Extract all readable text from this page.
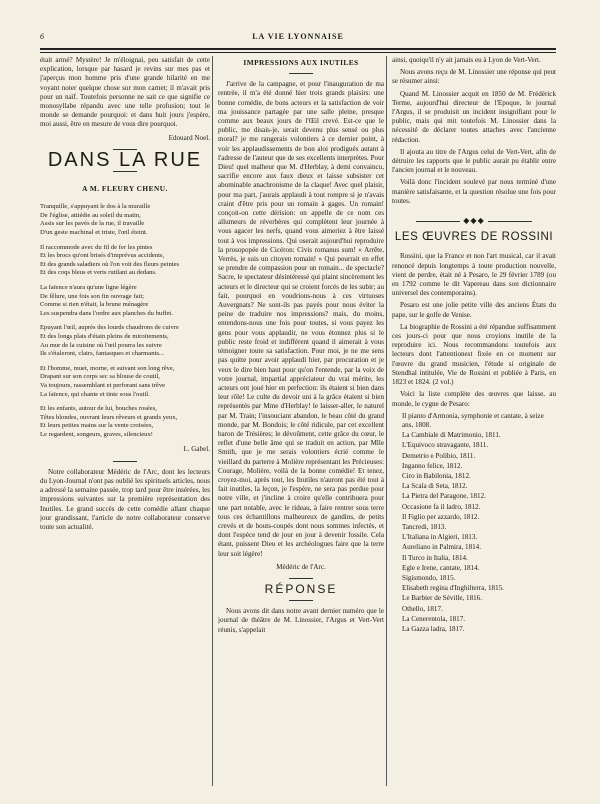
6	LA VIE LYONNAISE

était armé? Mystère! Je m'éloignai, peu satisfait de cette explication, lorsque par hasard je revins sur mes pas et j'aperçus mon homme pris d'une grande hilarité en me voyant noter quelque chose sur mon carnet; il m'avait pris pour un naïf. Toutefois personne ne sait ce que signifie ce monosyllabe répandu avec une telle profusion; tout le monde se demande pourquoi: et dans huit jours j'espère, moi aussi, être en mesure de vous dire pourquoi.

Edouard Noel.

DANS LA RUE
A M. FLEURY CHENU.
Tranquille, s'appuyant le dos à la muraille
De l'église, attiédie au soleil du matin,
Assis sur les pavés de la rue, il travaille
D'un geste machinal et triste, l'œil éteint.
Il raccommode avec du fil de fer les pintes
Et les brocs qu'ont brisés d'imprévus accidents,
Et des grands saladiers où l'on voit des fleurs peintes
Et des coqs bleus et verts rutilant au dedans.
La faïence n'aura qu'une ligne légère
De fêlure, une fois son fin ouvrage fait;
Comme si rien n'était, la brune ménagère
Les suspendra dans l'ordre aux planches du buffet.
Epuyant l'œil, auprès des lourds chaudrons de cuivre
Et des longs plats d'étain pleins de miroitements,
Au mur de la cuisine où l'œil pourra les suivre
Ils s'étaleront, clairs, fantasques et charmants...
Et l'homme, muet, morne, et suivant son long rêve,
Drapant sur son corps sec sa blouse de coutil,
Va toujours, rassemblant et perforant sans trêve
La faïence, qui chante et tinte sous l'outil.
Et les enfants, autour de lui, bouches rosées,
Têtes blondes, ouvrant leurs rêveurs et grands yeux,
Et leurs petites mains sur la vente croisées,
Le regardent, songeurs, graves, silencieux!

L. Gabel.

Notre collaborateur Médéric de l'Arc, dont les lecteurs du Lyon-Journal n'ont pas oublié les spirituels articles, nous a adressé la semaine passée, trop tard pour être insérées, les impressions suivantes sur la première représentation des Inutiles. Le grand succès de cette comédie allant chaque jour grandissant, l'article de notre collaborateur conserve toute son actualité.

IMPRESSIONS AUX INUTILES

J'arrive de la campagne, et pour l'inauguration de ma rentrée, il m'a été donné hier trois grands plaisirs: une bonne comédie, de bons acteurs et la satisfaction de voir ma jouissance partagée par une salle pleine, presque comme aux beaux jours de l'Œil crevé. Est-ce que le public, me disais-je, serait devenu plus sensé ou plus moral? je me rangerais volontiers à ce dernier point, à voir les applaudissements de bon aloi prodigués autant à l'adresse de l'auteur que de ses excellents interprètes. Pour Dieu! quel malheur que M. d'Herblay, à demi convaincu, sacrifie encore aux faux dieux et laisse subsister cet abominable anachronisme de la claque! Avec quel plaisir, pour ma part, j'aurais applaudi à tout rompre si je n'avais craint d'être pris pour un romain à gages. Un romain! conçoit-on cette dérision: on appelle de ce nom ces allumeurs de réverbères qui complètent leur journée à vous agacer les nerfs, quand vous aimeriez à être laissé tout à vos impressions. Qui oserait aujourd'hui reproduire la prosopopée de Cicéron: Civis romanus sum! « Arrête, Verrès, je suis un citoyen romain! » Qui pourrait en effet se prendre de compassion pour un romain... de spectacle? Sacre, le spectateur désintéressé qui plaint sincèrement les acteurs et le directeur qui se croient forcés de les subir; au fait, pourquoi en voudrions-nous à ces virtuoses Auvergnats? Ne sont-ils pas payés pour nous éviter la peine de traduire nos impressions? mais, du moins, entendons-nous une fois pour toutes, si vous payez les gens pour vous applaudir, ne vous étonnez plus si le public reste froid et indifférent quand il aimerait à vous témoigner toute sa satisfaction. Pour moi, je ne me sens pas quitte pour avoir applaudi hier, par procuration et je veux le dire bien haut pour qu'on l'entende, par la voix de votre journal, impartial appréciateur du vrai mérite, les acteurs ont joué hier en perfection: ils étaient si bien dans leur rôle! Le culte du devoir uni à la grâce étaient si bien représentés par Mme d'Herblay! le laisser-aller, le naturel par M. Train; l'insouciant abandon, le beau côté du grand monde, par M. Bondois; le côté ridicule, par cet excellent baron de Trésières; le dévoûment, cette grâce du cœur, le reflet d'une belle âme qui se traduit en action, par Mlle Smith, que je me serais volontiers écrié comme le vieillard du parterre à Molière représentant les Précieuses: Courage, Molière, voilà de la bonne comédie! Et tenez, croyez-moi, après tout, les Inutiles n'auront pas été tout à fait inutiles, la leçon, je l'espère, ne sera pas perdue pour notre ville, et j'incline à croire qu'elle contribuera pour une part notable, avec le rideau, à faire rentrer sous terre tous ces échantillons malheureux de gandins, de petits crevés et de bouts-coupés dont nous sommes infectés, et dont l'espèce tend de jour en jour à devenir fossile. Cela étant, puissent Dieu et les archéologues faire que la terre leur soit légère!

Médéric de l'Arc.

RÉPONSE

Nous avons dit dans notre avant dernier numéro que le journal de théâtre de M. Linossier, l'Argus et Vert-Vert réunis, s'appelait

ainsi, quoiqu'il n'y ait jamais eu à Lyon de Vert-Vert.

Nous avons reçu de M. Linossier une réponse qui peut se résumer ainsi:

Quand M. Linossier acquit en 1850 de M. Frédérick Terme, aujourd'hui directeur de l'Epoque, le journal l'Argus, il se produisit un incident insignifiant pour le public, mais qui mit toutefois M. Linossier dans la nécessité de déclarer toutes attaches avec l'ancienne rédaction.

Il ajouta au titre de l'Argus celui de Vert-Vert, afin de détruire les rapports que le public aurait pu établir entre l'ancien journal et le nouveau.

Voilà donc l'incident soulevé par nous terminé d'une manière satisfaisante, et la question résolue une fois pour toutes.

◆◆◆
LES ŒUVRES DE ROSSINI

Rossini, que la France et non l'art musical, car il avait renoncé depuis longtemps à toute production nouvelle, vient de perdre, était né à Pesaro, le 29 février 1789 (ou en 1792 comme le dit Vapereau dans son dictionnaire universel des contemporains).

Pesaro est une jolie petite ville des anciens États du pape, sur le golfe de Venise.

La biographie de Rossini a été répandue suffisamment ces jours-ci pour que nous croyions inutile de la reproduire ici. Nous recommandons toutefois aux lecteurs dont l'attentionest fixée en ce moment sur l'œuvre du grand musicien, l'étude si originale de Stendhal intitulée, Vie de Rossini et publiée à Paris, en 1823 et 1824. (2 vol.)

Voici la liste complète des œuvres que laisse, au monde, le cygne de Pesaro:

Il pianto d'Armonia, symphonie et cantate, à seize ans, 1808.

La Cambiale di Matrimonio, 1811.

L'Equivoco stravagante, 1811.

Demetrio e Polibio, 1811.

Inganno felice, 1812.

Ciro in Babilonia, 1812.

La Scala di Seta, 1812.

La Pietra del Paragone, 1812.

Occasione fa il ladro, 1812.

Il Figlio per azzardo, 1812.

Tancredi, 1813.

L'Italiana in Algieri, 1813.

Aureliano in Palmira, 1814.

Il Turco in Italia, 1814.

Egle e Irene, cantate, 1814.

Sigismondo, 1815.

Elisabeth regina d'Inghilterra, 1815.

Le Barbier de Séville, 1816.

Othello, 1817.

La Cenerentola, 1817.

La Gazza ladra, 1817.
